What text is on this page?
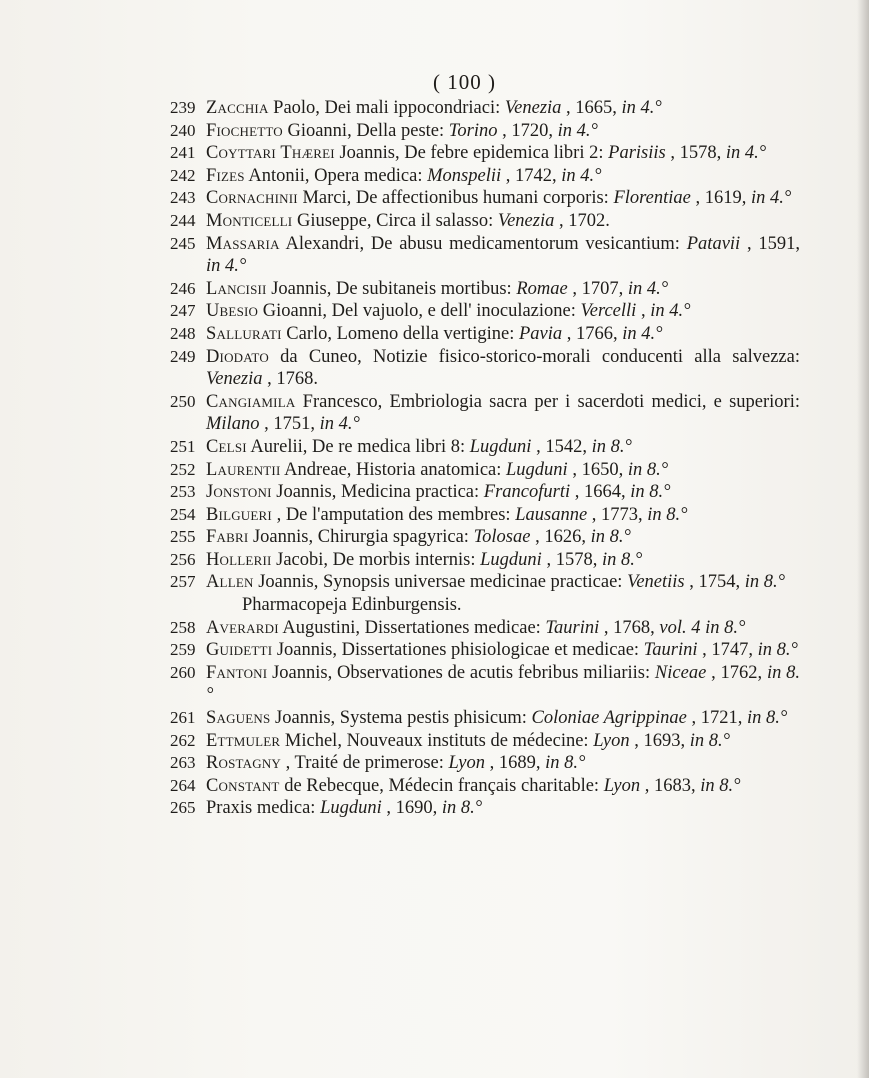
( 100 )
239 Zacchia Paolo, Dei mali ippocondriaci: Venezia , 1665, in 4.°
240 Fiochetto Gioanni, Della peste: Torino , 1720, in 4.°
241 Coyttari Thærei Joannis, De febre epidemica libri 2: Parisiis , 1578, in 4.°
242 Fizes Antonii, Opera medica: Monspelii , 1742, in 4.°
243 Cornachinii Marci, De affectionibus humani corporis: Florentiae , 1619, in 4.°
244 Monticelli Giuseppe, Circa il salasso: Venezia , 1702.
245 Massaria Alexandri, De abusu medicamentorum vesicantium: Patavii , 1591, in 4.°
246 Lancisii Joannis, De subitaneis mortibus: Romae , 1707, in 4.°
247 Ubesio Gioanni, Del vajuolo, e dell' inoculazione: Vercelli , in 4.°
248 Sallurati Carlo, Lomeno della vertigine: Pavia , 1766, in 4.°
249 Diodato da Cuneo, Notizie fisico-storico-morali conducenti alla salvezza: Venezia , 1768.
250 Cangiamila Francesco, Embriologia sacra per i sacerdoti medici, e superiori: Milano , 1751, in 4.°
251 Celsi Aurelii, De re medica libri 8: Lugduni , 1542, in 8.°
252 Laurentii Andreae, Historia anatomica: Lugduni , 1650, in 8.°
253 Jonstoni Joannis, Medicina practica: Francofurti , 1664, in 8.°
254 Bilgueri , De l'amputation des membres: Lausanne , 1773, in 8.°
255 Fabri Joannis, Chirurgia spagyrica: Tolosae , 1626, in 8.°
256 Hollerii Jacobi, De morbis internis: Lugduni , 1578, in 8.°
257 Allen Joannis, Synopsis universae medicinae practicae: Venetiis , 1754, in 8.°
Pharmacopeja Edinburgensis.
258 Averardi Augustini, Dissertationes medicae: Taurini , 1768, vol. 4 in 8.°
259 Guidetti Joannis, Dissertationes phisiologicae et medicae: Taurini , 1747, in 8.°
260 Fantoni Joannis, Observationes de acutis febribus miliariis: Niceae , 1762, in 8.°
261 Saguens Joannis, Systema pestis phisicum: Coloniae Agrippinae , 1721, in 8.°
262 Ettmuler Michel, Nouveaux instituts de médecine: Lyon , 1693, in 8.°
263 Rostagny , Traité de primerose: Lyon , 1689, in 8.°
264 Constant de Rebecque, Médecin français charitable: Lyon , 1683, in 8.°
265 Praxis medica: Lugduni , 1690, in 8.°
